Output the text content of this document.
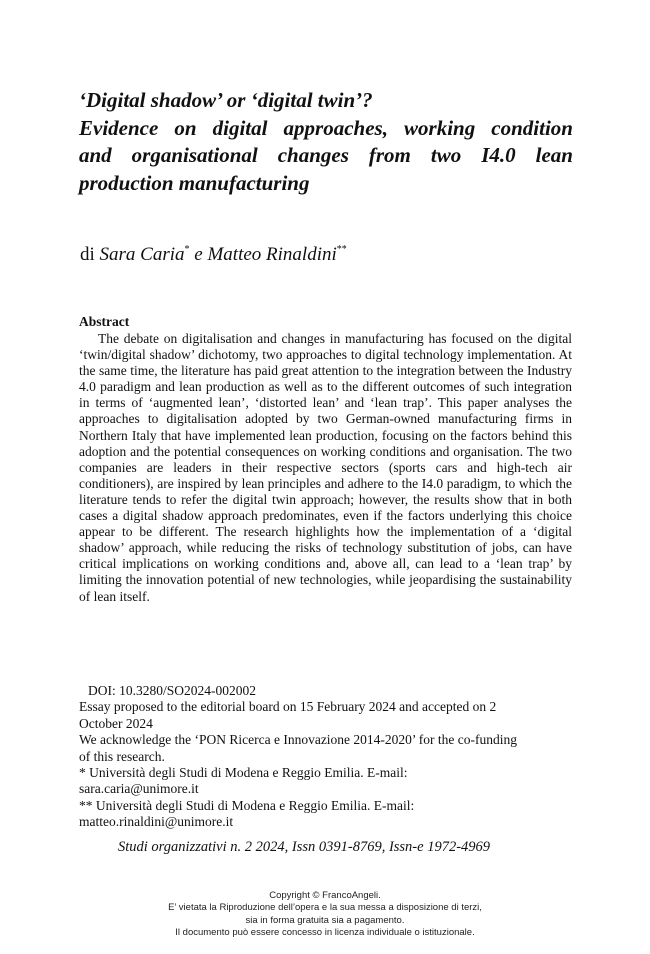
‘Digital shadow’ or ‘digital twin’?
Evidence on digital approaches, working condition
and organisational changes from two I4.0 lean
production manufacturing
di Sara Caria* e Matteo Rinaldini**
Abstract
The debate on digitalisation and changes in manufacturing has focused on the digital ‘twin/digital shadow’ dichotomy, two approaches to digital technology implementation. At the same time, the literature has paid great attention to the integration between the Industry 4.0 paradigm and lean production as well as to the different outcomes of such integration in terms of ‘augmented lean’, ‘distorted lean’ and ‘lean trap’. This paper analyses the approaches to digitalisation adopted by two German-owned manufacturing firms in Northern Italy that have implemented lean production, focusing on the factors behind this adoption and the potential consequences on working conditions and organisation. The two companies are leaders in their respective sectors (sports cars and high-tech air conditioners), are inspired by lean principles and adhere to the I4.0 paradigm, to which the literature tends to refer the digital twin approach; however, the results show that in both cases a digital shadow approach predominates, even if the factors underlying this choice appear to be different. The research highlights how the implementation of a ‘digital shadow’ approach, while reducing the risks of technology substitution of jobs, can have critical implications on working conditions and, above all, can lead to a ‘lean trap’ by limiting the innovation potential of new technologies, while jeopardising the sustainability of lean itself.
DOI: 10.3280/SO2024-002002
Essay proposed to the editorial board on 15 February 2024 and accepted on 2
October 2024
We acknowledge the ‘PON Ricerca e Innovazione 2014-2020’ for the co-funding
of this research.
* Università degli Studi di Modena e Reggio Emilia. E-mail:
sara.caria@unimore.it
** Università degli Studi di Modena e Reggio Emilia. E-mail:
matteo.rinaldini@unimore.it
Studi organizzativi n. 2 2024, Issn 0391-8769, Issn-e 1972-4969
Copyright © FrancoAngeli.
E’ vietata la Riproduzione dell’opera e la sua messa a disposizione di terzi,
sia in forma gratuita sia a pagamento.
Il documento può essere concesso in licenza individuale o istituzionale.
